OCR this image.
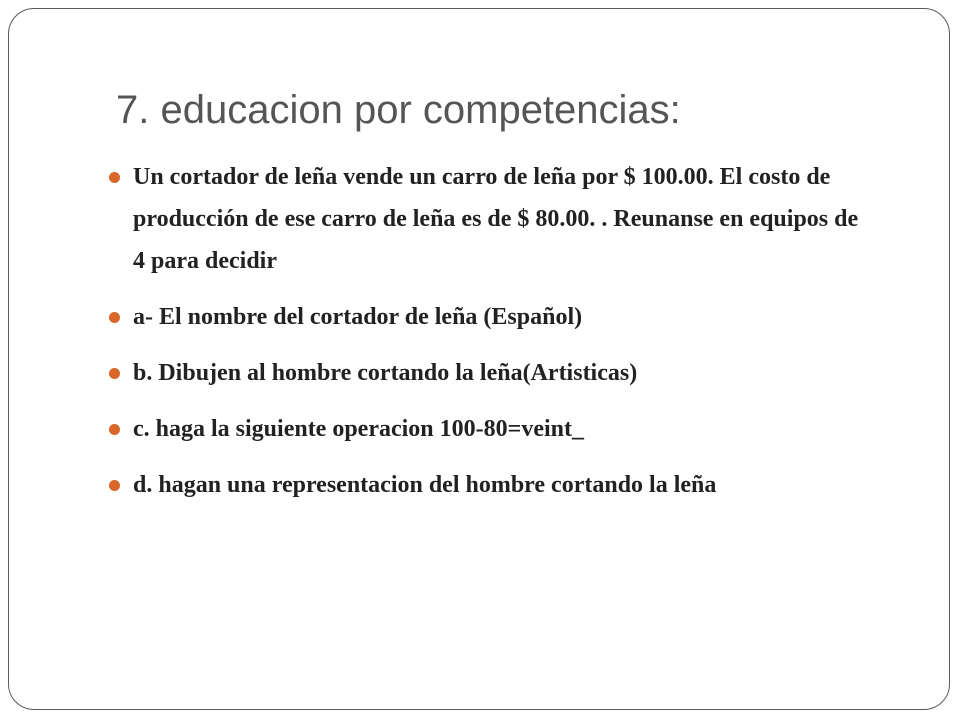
7. educacion por competencias:
Un cortador de leña vende un carro de leña por $ 100.00. El costo de producción de ese carro de leña es de $ 80.00. . Reunanse en equipos de 4 para decidir
a- El nombre del cortador de leña (Español)
b. Dibujen al hombre cortando la leña(Artisticas)
c. haga la siguiente operacion 100-80=veint_
d. hagan una representacion del hombre cortando la leña
